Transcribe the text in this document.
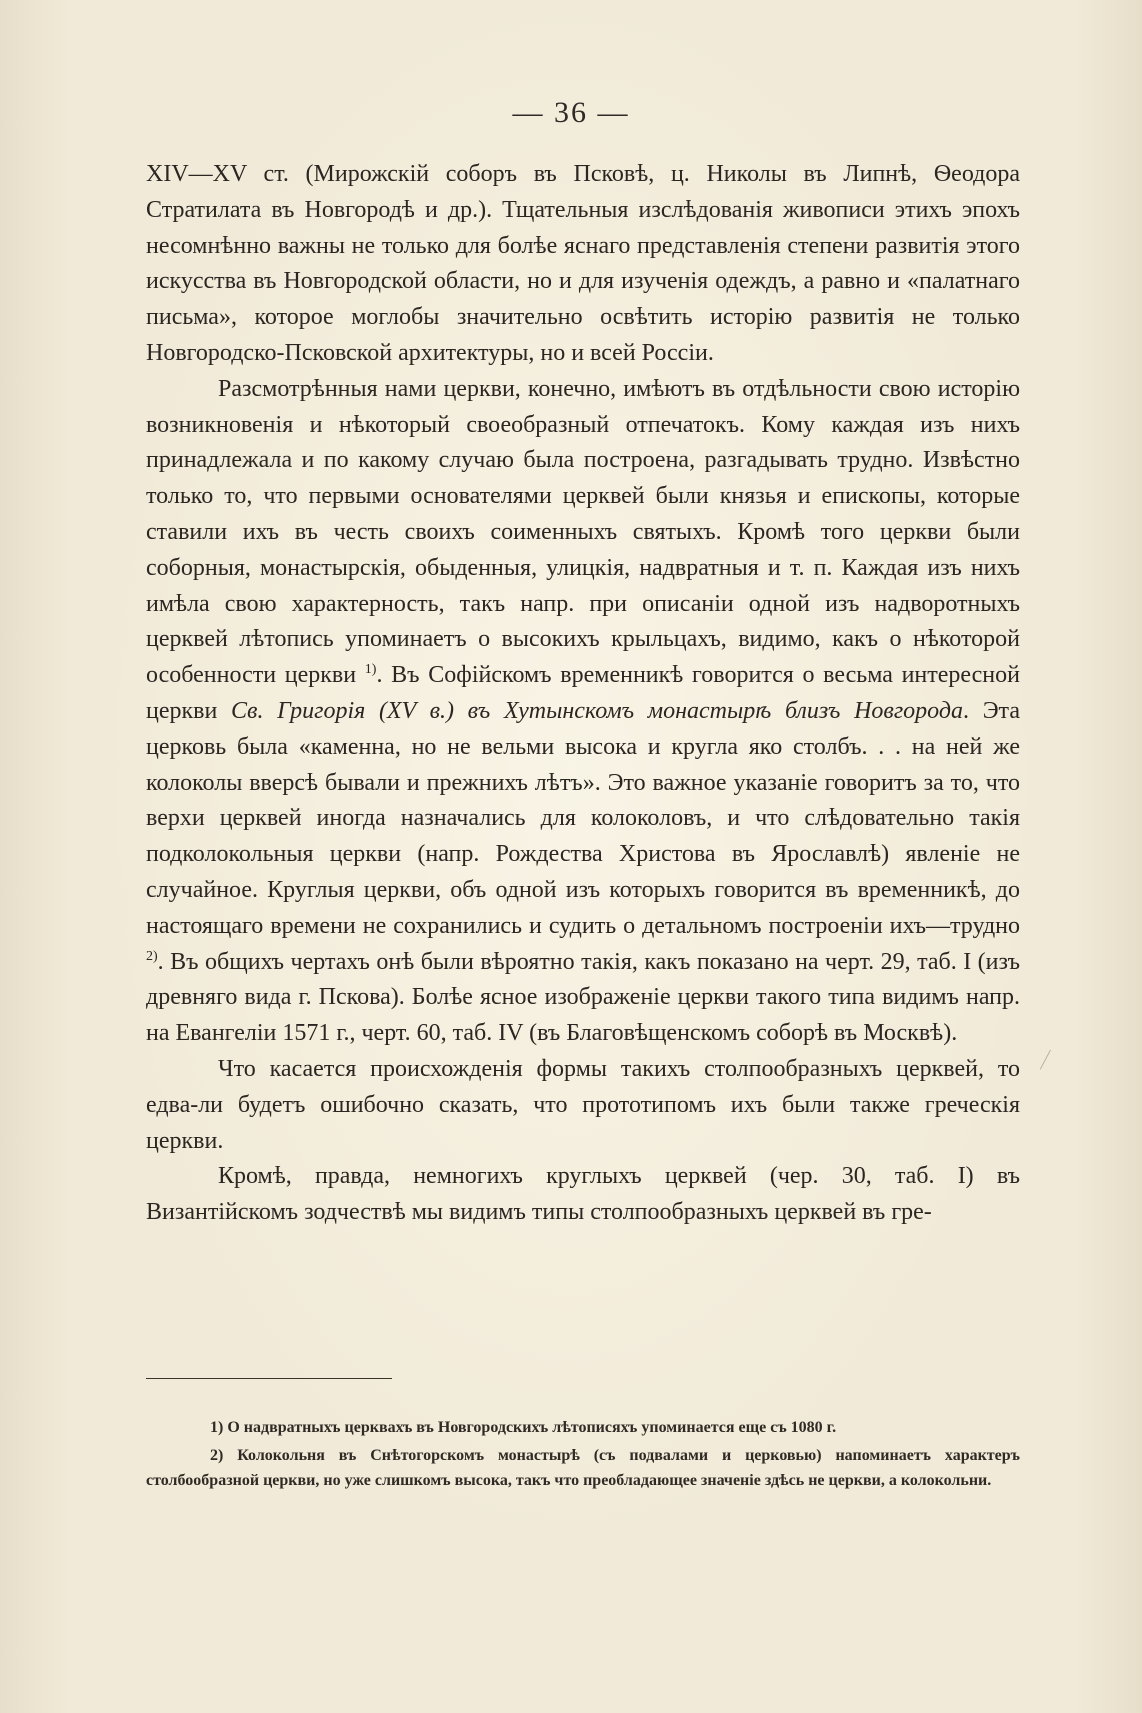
— 36 —

XIV—XV ст. (Мирожскій соборъ въ Псковѣ, ц. Николы въ Липнѣ, Ѳеодора Стратилата въ Новгородѣ и др.). Тщательныя изслѣдованія живописи этихъ эпохъ несомнѣнно важны не только для болѣе яснаго представленія степени развитія этого искусства въ Новгородской области, но и для изученія одеждъ, а равно и «палатнаго письма», которое моглобы значительно освѣтить исторію развитія не только Новгородско-Псковской архитектуры, но и всей Россіи.

Разсмотрѣнныя нами церкви, конечно, имѣютъ въ отдѣльности свою исторію возникновенія и нѣкоторый своеобразный отпечатокъ. Кому каждая изъ нихъ принадлежала и по какому случаю была построена, разгадывать трудно. Извѣстно только то, что первыми основателями церквей были князья и епископы, которые ставили ихъ въ честь своихъ соименныхъ святыхъ. Кромѣ того церкви были соборныя, монастырскія, обыденныя, улицкія, надвратныя и т. п. Каждая изъ нихъ имѣла свою характерность, такъ напр. при описаніи одной изъ надворотныхъ церквей лѣтопись упоминаетъ о высокихъ крыльцахъ, видимо, какъ о нѣкоторой особенности церкви $^{1)}$. Въ Софійскомъ временникѣ говорится о весьма интересной церкви Св. Григорія (XV в.) въ Хутынскомъ монастырѣ близъ Новгорода. Эта церковь была «каменна, но не вельми высока и кругла яко столбъ. . . на ней же колоколы вверсѣ бывали и прежнихъ лѣтъ». Это важное указаніе говоритъ за то, что верхи церквей иногда назначались для колоколовъ, и что слѣдовательно такія подколокольныя церкви (напр. Рождества Христова въ Ярославлѣ) явленіе не случайное. Круглыя церкви, объ одной изъ которыхъ говорится въ временникѣ, до настоящаго времени не сохранились и судить о детальномъ построеніи ихъ—трудно $^{2)}$. Въ общихъ чертахъ онѣ были вѣроятно такія, какъ показано на черт. 29, таб. I (изъ древняго вида г. Пскова). Болѣе ясное изображеніе церкви такого типа видимъ напр. на Евангеліи 1571 г., черт. 60, таб. IV (въ Благовѣщенскомъ соборѣ въ Москвѣ).

Что касается происхожденія формы такихъ столпообразныхъ церквей, то едва-ли будетъ ошибочно сказать, что прототипомъ ихъ были также греческія церкви.

Кромѣ, правда, немногихъ круглыхъ церквей (чер. 30, таб. I) въ Византійскомъ зодчествѣ мы видимъ типы столпообразныхъ церквей въ гре-

1) О надвратныхъ церквахъ въ Новгородскихъ лѣтописяхъ упоминается еще съ 1080 г.

2) Колокольня въ Снѣтогорскомъ монастырѣ (съ подвалами и церковью) напоминаетъ характеръ столбообразной церкви, но уже слишкомъ высока, такъ что преобладающее значеніе здѣсь не церкви, а колокольни.
